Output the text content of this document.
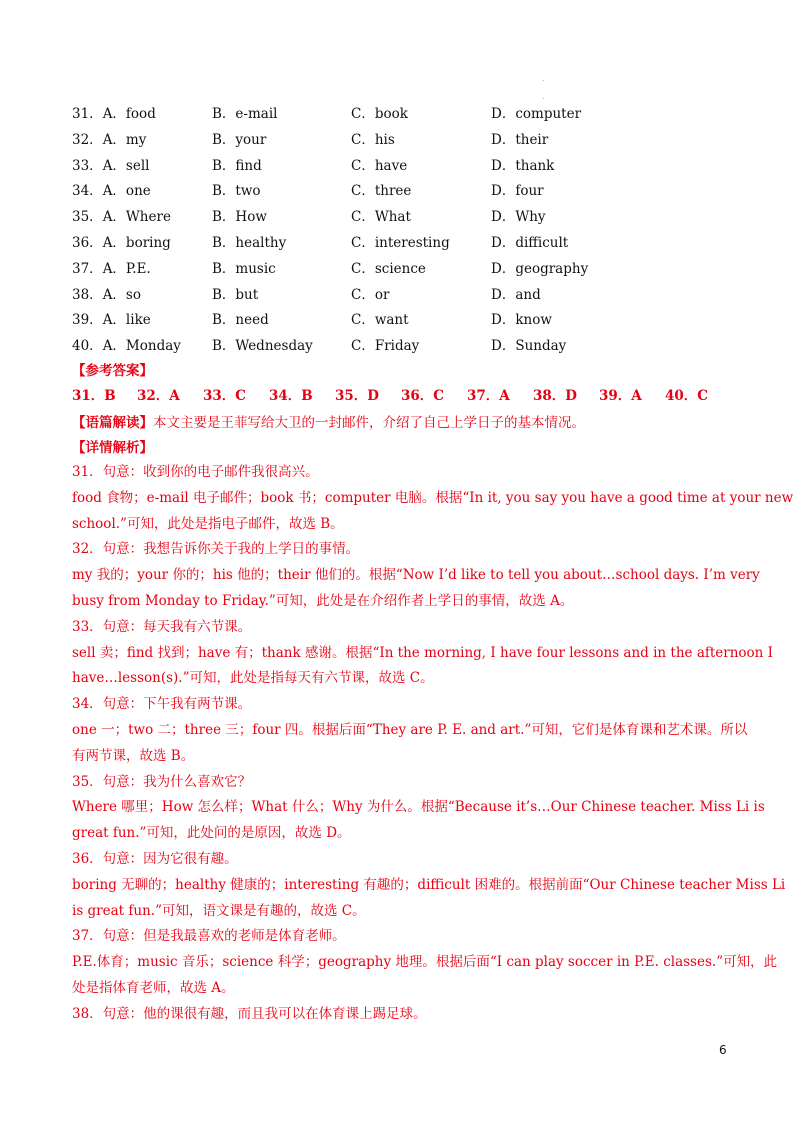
.
.
31．A．food	B．e-mail	C．book	D．computer
32．A．my	B．your	C．his	D．their
33．A．sell	B．find	C．have	D．thank
34．A．one	B．two	C．three	D．four
35．A．Where	B．How	C．What	D．Why
36．A．boring	B．healthy	C．interesting	D．difficult
37．A．P.E.	B．music	C．science	D．geography
38．A．so	B．but	C．or	D．and
39．A．like	B．need	C．want	D．know
40．A．Monday B．Wednesday	C．Friday	D．Sunday
【参考答案】
31．B 32．A 33．C 34．B 35．D 36．C 37．A 38．D 39．A 40．C
【语篇解读】本文主要是王菲写给大卫的一封邮件，介绍了自己上学日子的基本情况。
【详情解析】
31．句意：收到你的电子邮件我很高兴。
food 食物；e-mail 电子邮件；book 书；computer 电脑。根据“In it, you say you have a good time at your new
school.”可知，此处是指电子邮件，故选 B。
32．句意：我想告诉你关于我的上学日的事情。
my 我的；your 你的；his 他的；their 他们的。根据“Now I’d like to tell you about…school days. I’m very
busy from Monday to Friday.”可知，此处是在介绍作者上学日的事情，故选 A。
33．句意：每天我有六节课。
sell 卖；find 找到；have 有；thank 感谢。根据“In the morning, I have four lessons and in the afternoon I
have…lesson(s).”可知，此处是指每天有六节课，故选 C。
34．句意：下午我有两节课。
one 一；two 二；three 三；four 四。根据后面“They are P. E. and art.”可知，它们是体育课和艺术课。所以
有两节课，故选 B。
35．句意：我为什么喜欢它？
Where 哪里；How 怎么样；What 什么；Why 为什么。根据“Because it’s…Our Chinese teacher. Miss Li is
great fun.”可知，此处问的是原因，故选 D。
36．句意：因为它很有趣。
boring 无聊的；healthy 健康的；interesting 有趣的；difficult 困难的。根据前面“Our Chinese teacher Miss Li
is great fun.”可知，语文课是有趣的，故选 C。
37．句意：但是我最喜欢的老师是体育老师。
P.E.体育；music 音乐；science 科学；geography 地理。根据后面“I can play soccer in P.E. classes.”可知，此
处是指体育老师，故选 A。
38．句意：他的课很有趣，而且我可以在体育课上踢足球。
6
